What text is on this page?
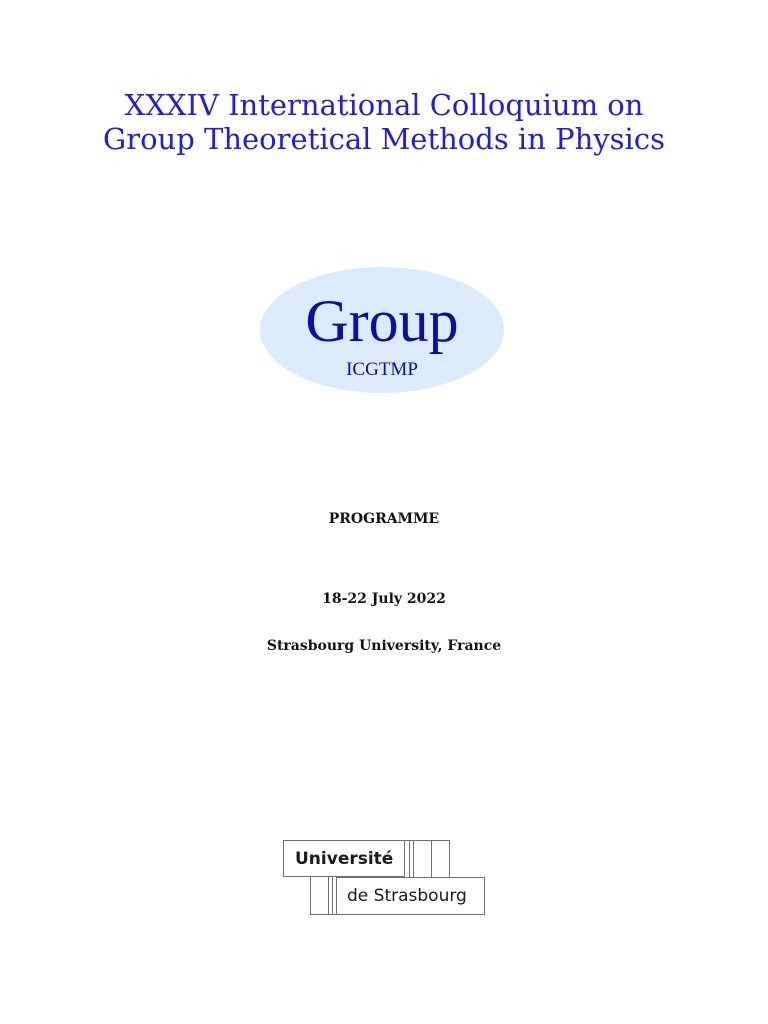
XXXIV International Colloquium on
Group Theoretical Methods in Physics
Group
ICGTMP
PROGRAMME
18-22 July 2022
Strasbourg University, France
Université
de Strasbourg
